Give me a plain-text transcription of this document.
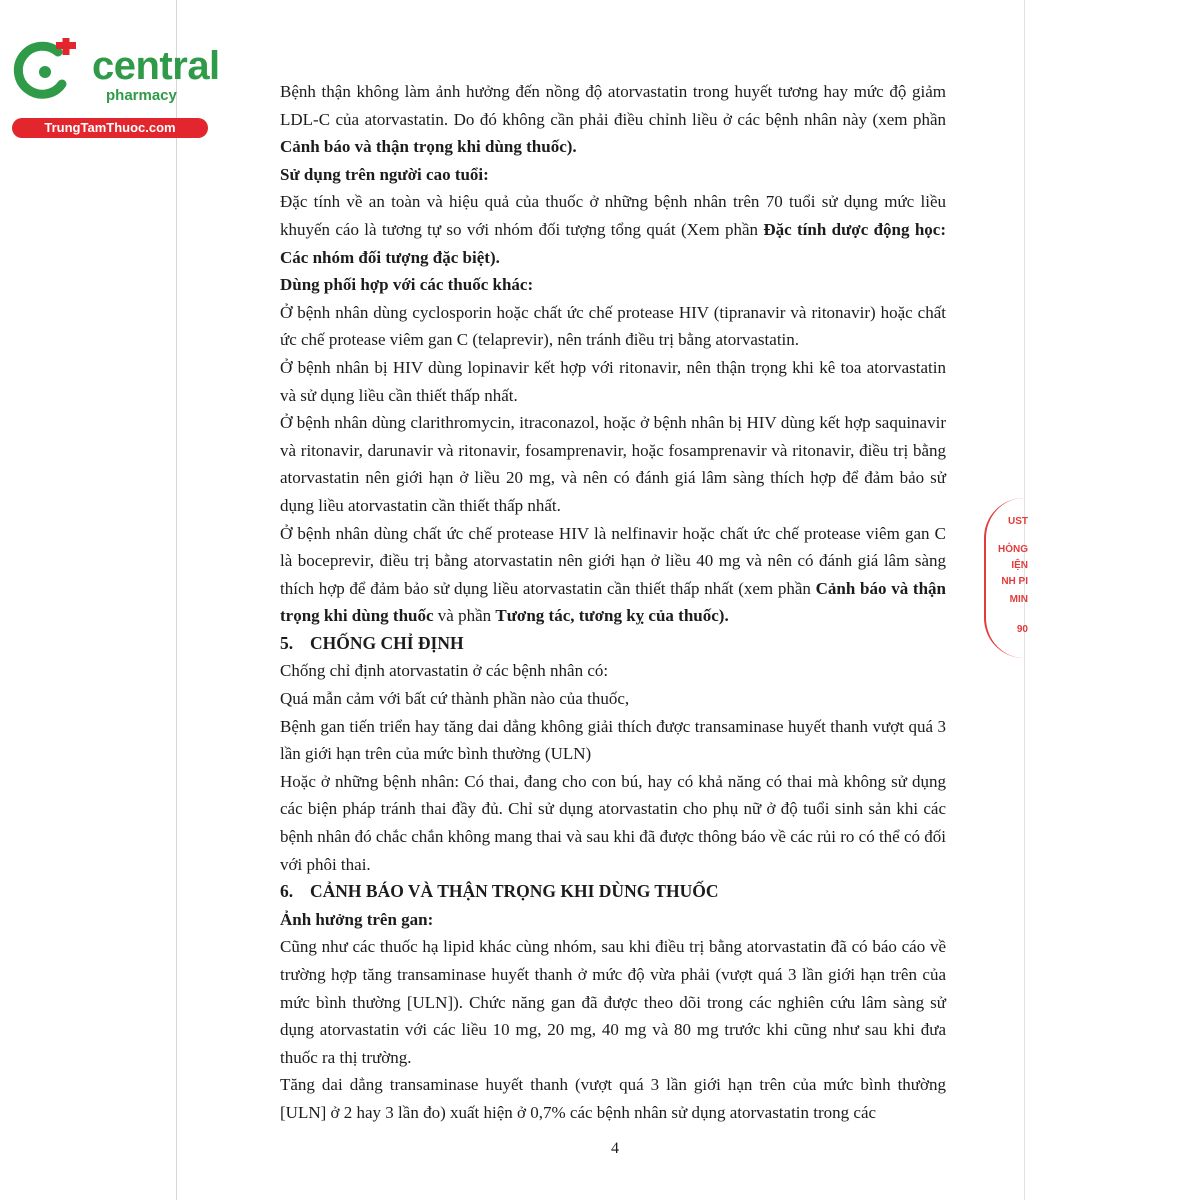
central
pharmacy
TrungTamThuoc.com

Bệnh thận không làm ảnh hưởng đến nồng độ atorvastatin trong huyết tương hay mức độ giảm LDL-C của atorvastatin. Do đó không cần phải điều chỉnh liều ở các bệnh nhân này (xem phần Cảnh báo và thận trọng khi dùng thuốc).

Sử dụng trên người cao tuổi:

Đặc tính về an toàn và hiệu quả của thuốc ở những bệnh nhân trên 70 tuổi sử dụng mức liều khuyến cáo là tương tự so với nhóm đối tượng tổng quát (Xem phần Đặc tính dược động học: Các nhóm đối tượng đặc biệt).

Dùng phối hợp với các thuốc khác:

Ở bệnh nhân dùng cyclosporin hoặc chất ức chế protease HIV (tipranavir và ritonavir) hoặc chất ức chế protease viêm gan C (telaprevir), nên tránh điều trị bằng atorvastatin.

Ở bệnh nhân bị HIV dùng lopinavir kết hợp với ritonavir, nên thận trọng khi kê toa atorvastatin và sử dụng liều cần thiết thấp nhất.

Ở bệnh nhân dùng clarithromycin, itraconazol, hoặc ở bệnh nhân bị HIV dùng kết hợp saquinavir và ritonavir, darunavir và ritonavir, fosamprenavir, hoặc fosamprenavir và ritonavir, điều trị bằng atorvastatin nên giới hạn ở liều 20 mg, và nên có đánh giá lâm sàng thích hợp để đảm bảo sử dụng liều atorvastatin cần thiết thấp nhất.

Ở bệnh nhân dùng chất ức chế protease HIV là nelfinavir hoặc chất ức chế protease viêm gan C là boceprevir, điều trị bằng atorvastatin nên giới hạn ở liều 40 mg và nên có đánh giá lâm sàng thích hợp để đảm bảo sử dụng liều atorvastatin cần thiết thấp nhất (xem phần Cảnh báo và thận trọng khi dùng thuốc và phần Tương tác, tương kỵ của thuốc).

5. CHỐNG CHỈ ĐỊNH

Chống chỉ định atorvastatin ở các bệnh nhân có:

Quá mẫn cảm với bất cứ thành phần nào của thuốc,

Bệnh gan tiến triển hay tăng dai dẳng không giải thích được transaminase huyết thanh vượt quá 3 lần giới hạn trên của mức bình thường (ULN)

Hoặc ở những bệnh nhân: Có thai, đang cho con bú, hay có khả năng có thai mà không sử dụng các biện pháp tránh thai đầy đủ. Chỉ sử dụng atorvastatin cho phụ nữ ở độ tuổi sinh sản khi các bệnh nhân đó chắc chắn không mang thai và sau khi đã được thông báo về các rủi ro có thể có đối với phôi thai.

6. CẢNH BÁO VÀ THẬN TRỌNG KHI DÙNG THUỐC

Ảnh hưởng trên gan:

Cũng như các thuốc hạ lipid khác cùng nhóm, sau khi điều trị bằng atorvastatin đã có báo cáo về trường hợp tăng transaminase huyết thanh ở mức độ vừa phải (vượt quá 3 lần giới hạn trên của mức bình thường [ULN]). Chức năng gan đã được theo dõi trong các nghiên cứu lâm sàng sử dụng atorvastatin với các liều 10 mg, 20 mg, 40 mg và 80 mg trước khi cũng như sau khi đưa thuốc ra thị trường.

Tăng dai dẳng transaminase huyết thanh (vượt quá 3 lần giới hạn trên của mức bình thường [ULN] ở 2 hay 3 lần đo) xuất hiện ở 0,7% các bệnh nhân sử dụng atorvastatin trong các

4
UST
HÒNG
IỆN
NH PI
MIN
90
